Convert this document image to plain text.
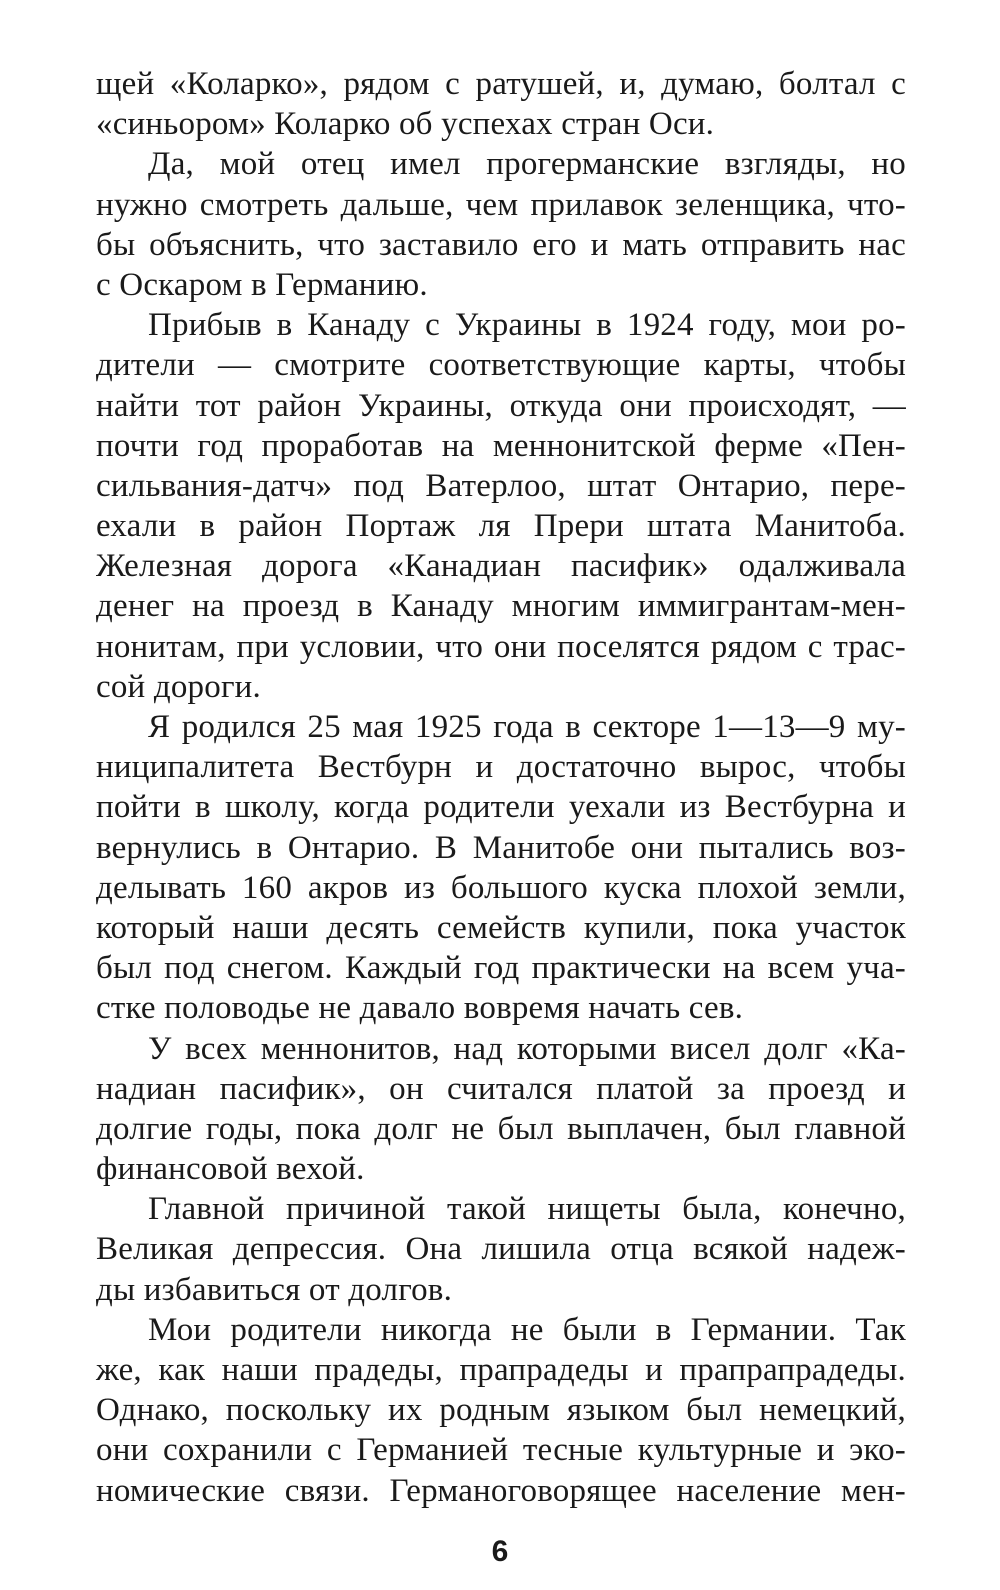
щей «Коларко», рядом с ратушей, и, думаю, болтал с
«синьором» Коларко об успехах стран Оси.
Да, мой отец имел прогерманские взгляды, но
нужно смотреть дальше, чем прилавок зеленщика, что-
бы объяснить, что заставило его и мать отправить нас
с Оскаром в Германию.
Прибыв в Канаду с Украины в 1924 году, мои ро-
дители — смотрите соответствующие карты, чтобы
найти тот район Украины, откуда они происходят, —
почти год проработав на меннонитской ферме «Пен-
сильвания-датч» под Ватерлоо, штат Онтарио, пере-
ехали в район Портаж ля Прери штата Манитоба.
Железная дорога «Канадиан пасифик» одалживала
денег на проезд в Канаду многим иммигрантам-мен-
нонитам, при условии, что они поселятся рядом с трас-
сой дороги.
Я родился 25 мая 1925 года в секторе 1—13—9 му-
ниципалитета Вестбурн и достаточно вырос, чтобы
пойти в школу, когда родители уехали из Вестбурна и
вернулись в Онтарио. В Манитобе они пытались воз-
делывать 160 акров из большого куска плохой земли,
который наши десять семейств купили, пока участок
был под снегом. Каждый год практически на всем уча-
стке половодье не давало вовремя начать сев.
У всех меннонитов, над которыми висел долг «Ка-
надиан пасифик», он считался платой за проезд и
долгие годы, пока долг не был выплачен, был главной
финансовой вехой.
Главной причиной такой нищеты была, конечно,
Великая депрессия. Она лишила отца всякой надеж-
ды избавиться от долгов.
Мои родители никогда не были в Германии. Так
же, как наши прадеды, прапрадеды и прапрапрадеды.
Однако, поскольку их родным языком был немецкий,
они сохранили с Германией тесные культурные и эко-
номические связи. Германоговорящее население мен-
6
